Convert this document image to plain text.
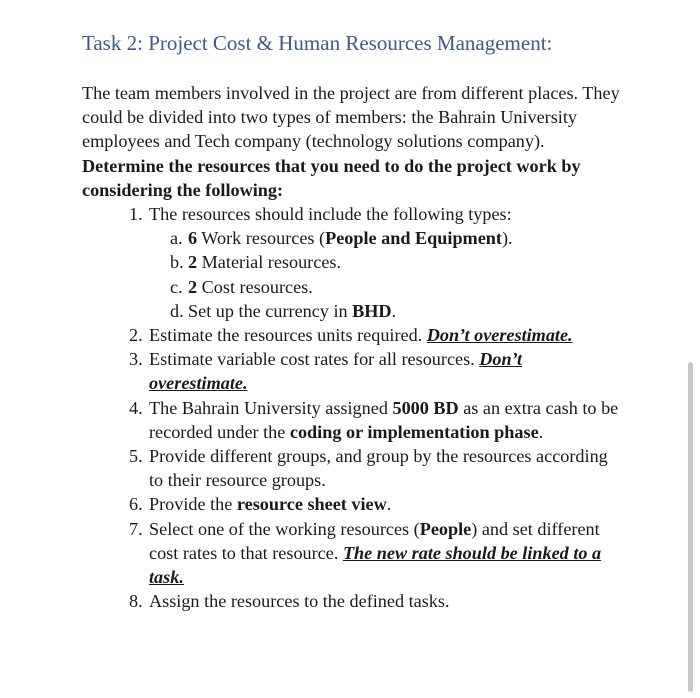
Task 2: Project Cost & Human Resources Management:

The team members involved in the project are from different places. They could be divided into two types of members: the Bahrain University employees and Tech company (technology solutions company).

Determine the resources that you need to do the project work by considering the following:

1. The resources should include the following types:
a. 6 Work resources (People and Equipment).
b. 2 Material resources.
c. 2 Cost resources.
d. Set up the currency in BHD.
2. Estimate the resources units required. Don’t overestimate.
3. Estimate variable cost rates for all resources. Don’t overestimate.
4. The Bahrain University assigned 5000 BD as an extra cash to be recorded under the coding or implementation phase.
5. Provide different groups, and group by the resources according to their resource groups.
6. Provide the resource sheet view.
7. Select one of the working resources (People) and set different cost rates to that resource. The new rate should be linked to a task.
8. Assign the resources to the defined tasks.
